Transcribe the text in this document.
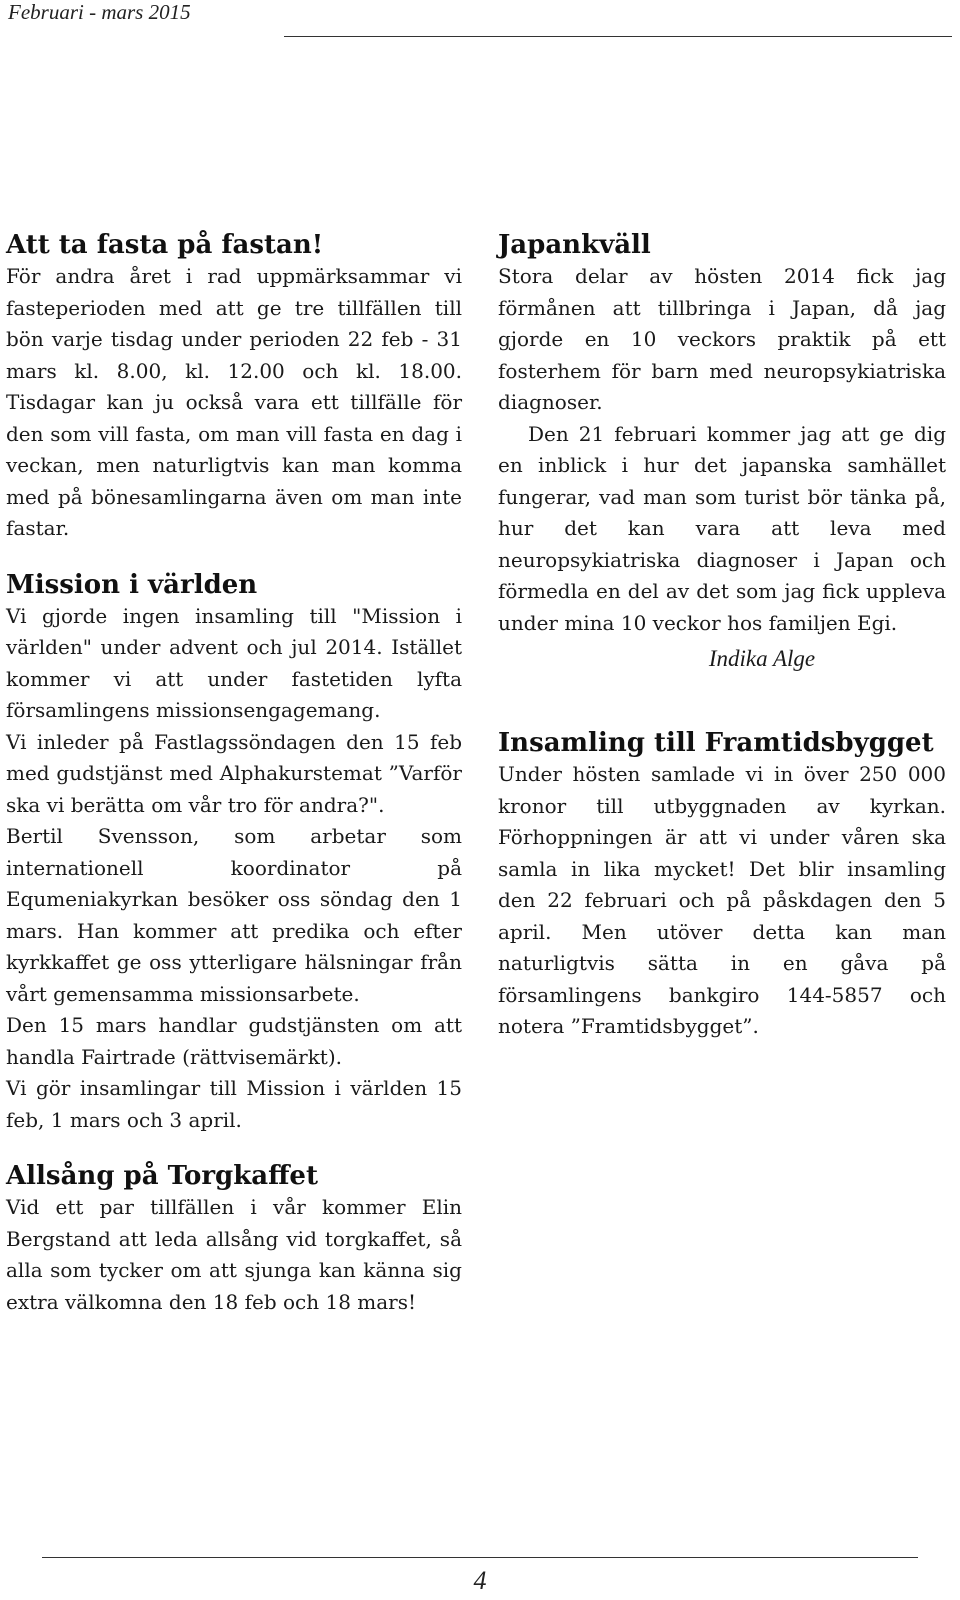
Februari - mars 2015
Att ta fasta på fastan!

För andra året i rad uppmärksammar vi fasteperioden med att ge tre tillfällen till bön varje tisdag under perioden 22 feb - 31 mars kl. 8.00, kl. 12.00 och kl. 18.00. Tisdagar kan ju också vara ett tillfälle för den som vill fasta, om man vill fasta en dag i veckan, men naturligtvis kan man komma med på bönesamlingarna även om man inte fastar.

Mission i världen

Vi gjorde ingen insamling till "Mission i världen" under advent och jul 2014. Istället kommer vi att under fastetiden lyfta församlingens missionsengagemang.

Vi inleder på Fastlagssöndagen den 15 feb med gudstjänst med Alphakurstemat ”Varför ska vi berätta om vår tro för andra?".

Bertil Svensson, som arbetar som internationell koordinator på Equmeniakyrkan besöker oss söndag den 1 mars. Han kommer att predika och efter kyrkkaffet ge oss ytterligare hälsningar från vårt gemensamma missionsarbete.

Den 15 mars handlar gudstjänsten om att handla Fairtrade (rättvisemärkt).

Vi gör insamlingar till Mission i världen 15 feb, 1 mars och 3 april.

Allsång på Torgkaffet

Vid ett par tillfällen i vår kommer Elin Bergstand att leda allsång vid torgkaffet, så alla som tycker om att sjunga kan känna sig extra välkomna den 18 feb och 18 mars!

Japankväll

Stora delar av hösten 2014 fick jag förmånen att tillbringa i Japan, då jag gjorde en 10 veckors praktik på ett fosterhem för barn med neuropsykiatriska diagnoser.

Den 21 februari kommer jag att ge dig en inblick i hur det japanska samhället fungerar, vad man som turist bör tänka på, hur det kan vara att leva med neuropsykiatriska diagnoser i Japan och förmedla en del av det som jag fick uppleva under mina 10 veckor hos familjen Egi.

Indika Alge
Insamling till Framtidsbygget

Under hösten samlade vi in över 250 000 kronor till utbyggnaden av kyrkan. Förhoppningen är att vi under våren ska samla in lika mycket! Det blir insamling den 22 februari och på påskdagen den 5 april. Men utöver detta kan man naturligtvis sätta in en gåva på församlingens bankgiro 144-5857 och notera ”Framtidsbygget”.

4
